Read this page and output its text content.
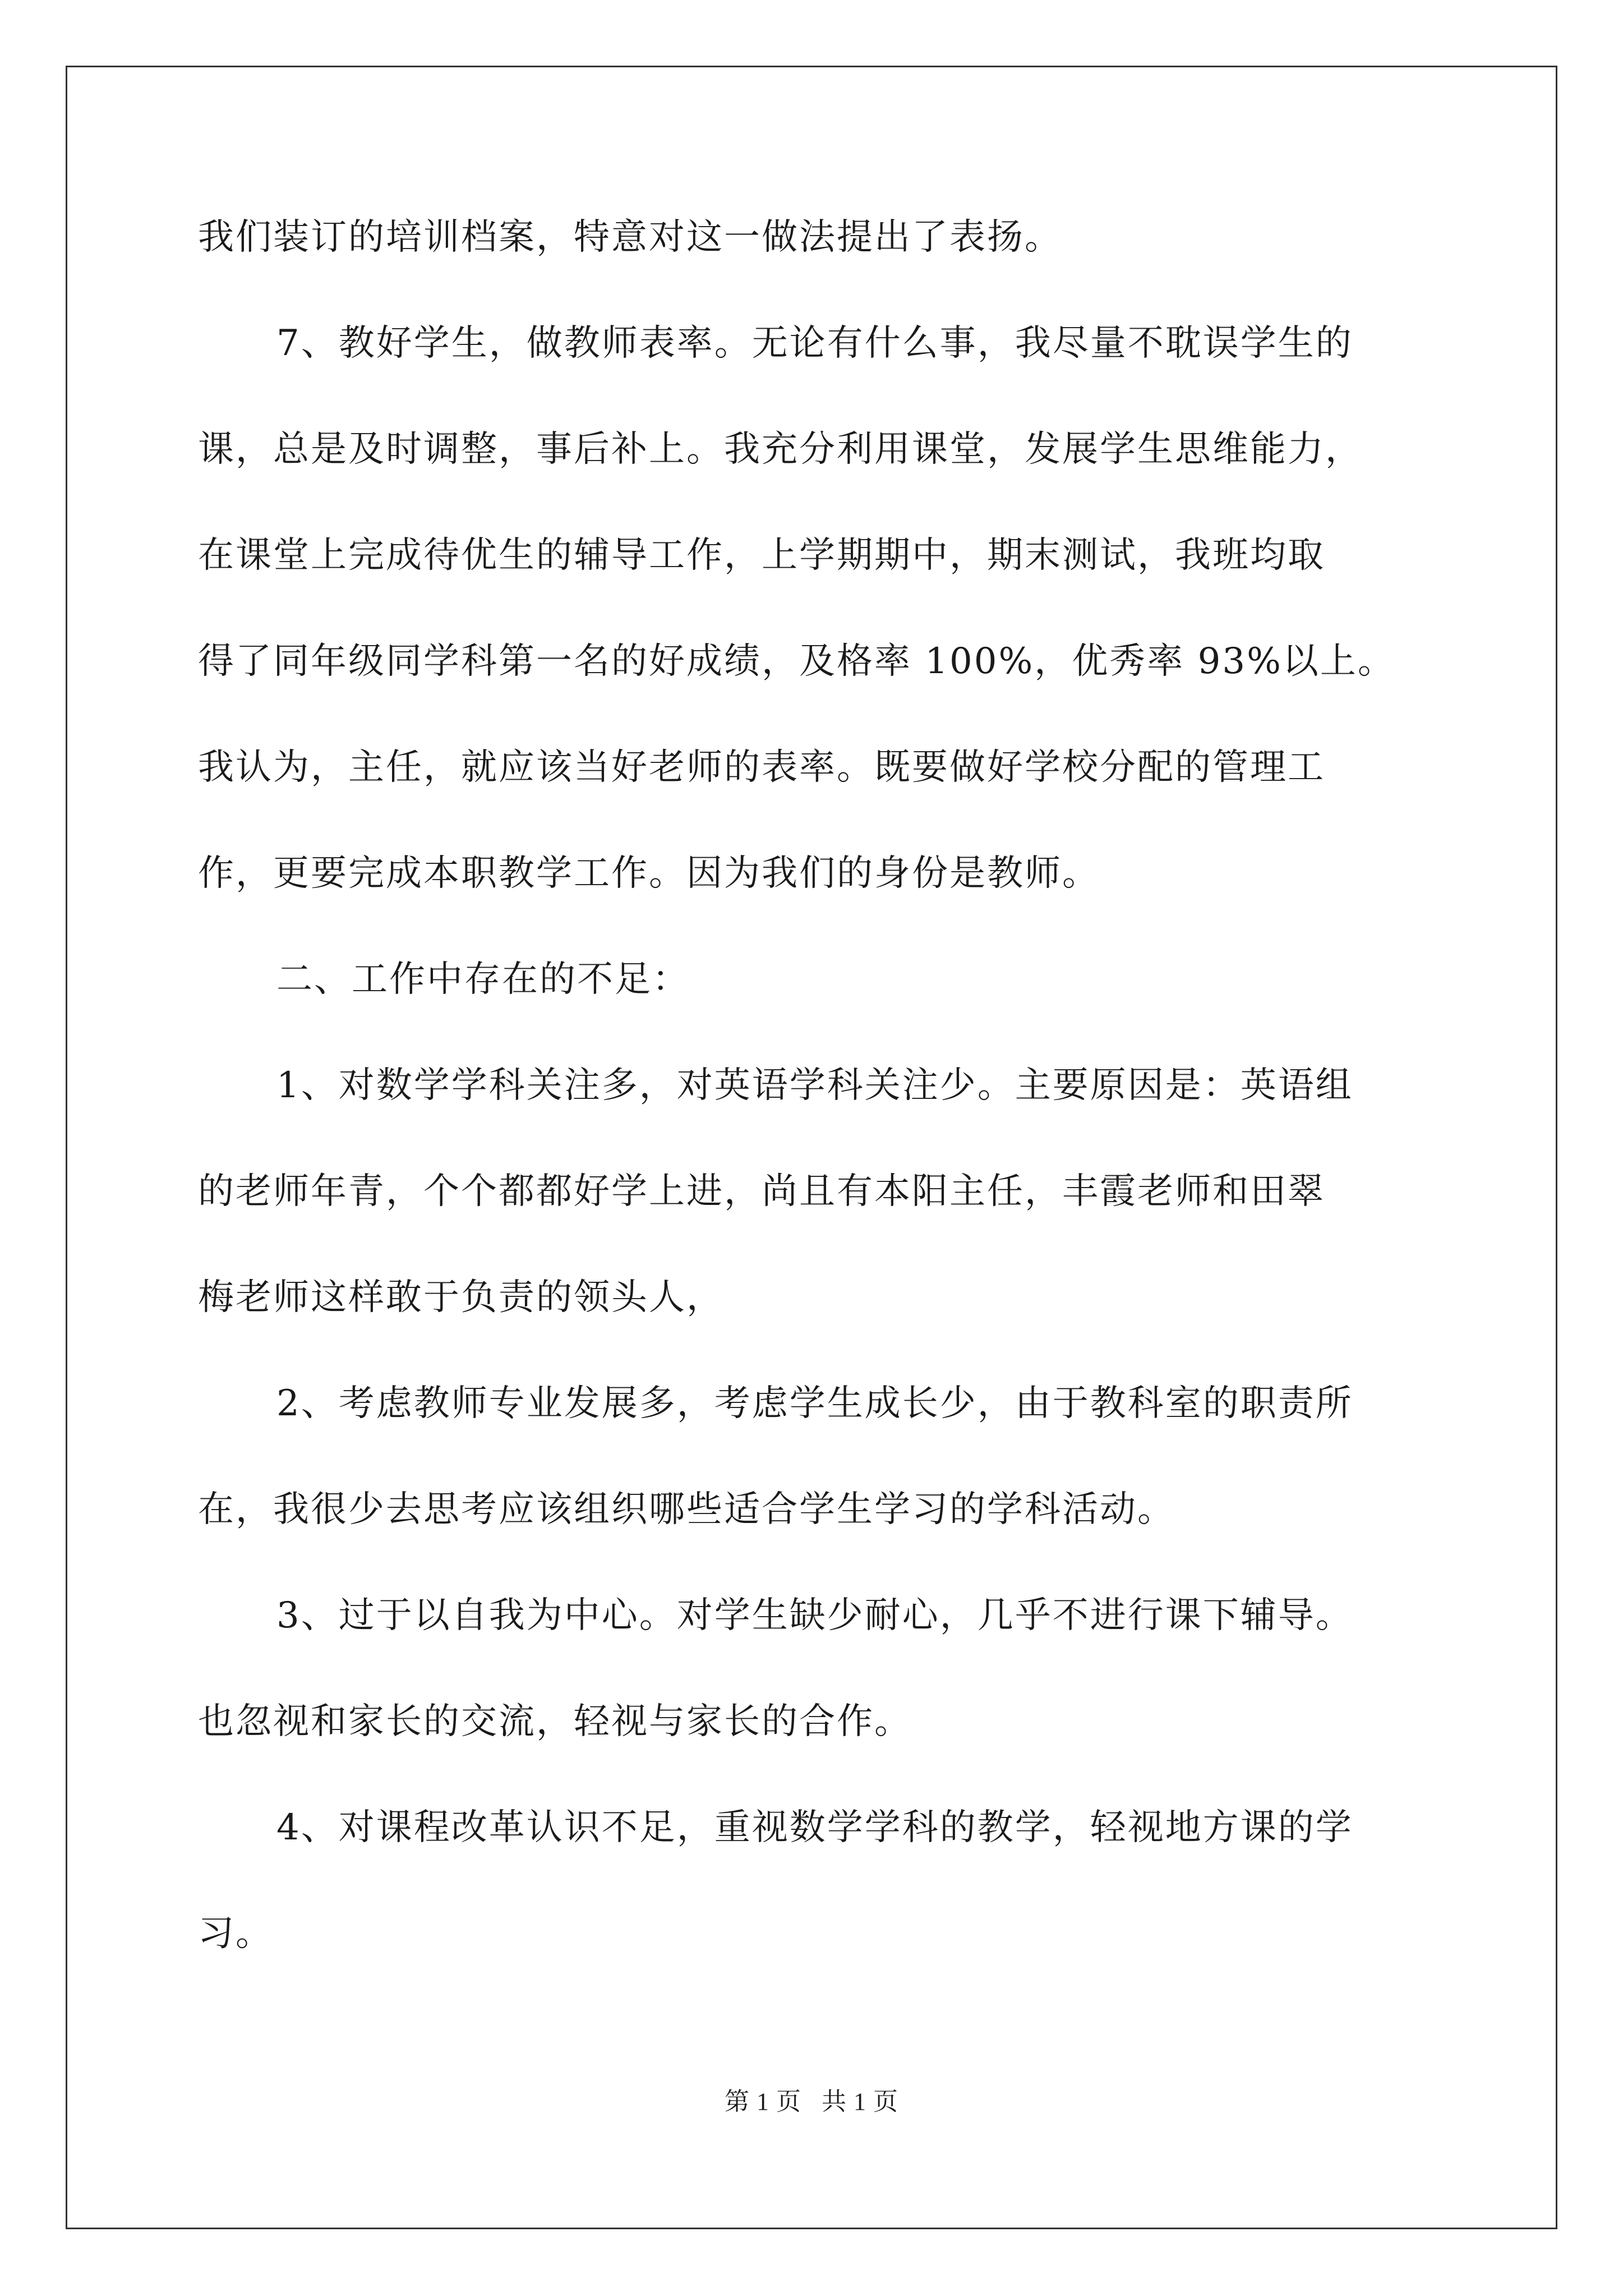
我们装订的培训档案，特意对这一做法提出了表扬。
7、教好学生，做教师表率。无论有什么事，我尽量不耽误学生的
课，总是及时调整，事后补上。我充分利用课堂，发展学生思维能力，
在课堂上完成待优生的辅导工作，上学期期中，期末测试，我班均取
得了同年级同学科第一名的好成绩，及格率 100%，优秀率 93%以上。
我认为，主任，就应该当好老师的表率。既要做好学校分配的管理工
作，更要完成本职教学工作。因为我们的身份是教师。
二、工作中存在的不足：
1、对数学学科关注多，对英语学科关注少。主要原因是：英语组
的老师年青，个个都都好学上进，尚且有本阳主任，丰霞老师和田翠
梅老师这样敢于负责的领头人，
2、考虑教师专业发展多，考虑学生成长少，由于教科室的职责所
在，我很少去思考应该组织哪些适合学生学习的学科活动。
3、过于以自我为中心。对学生缺少耐心，几乎不进行课下辅导。
也忽视和家长的交流，轻视与家长的合作。
4、对课程改革认识不足，重视数学学科的教学，轻视地方课的学
习。
第 1 页 共 1 页
